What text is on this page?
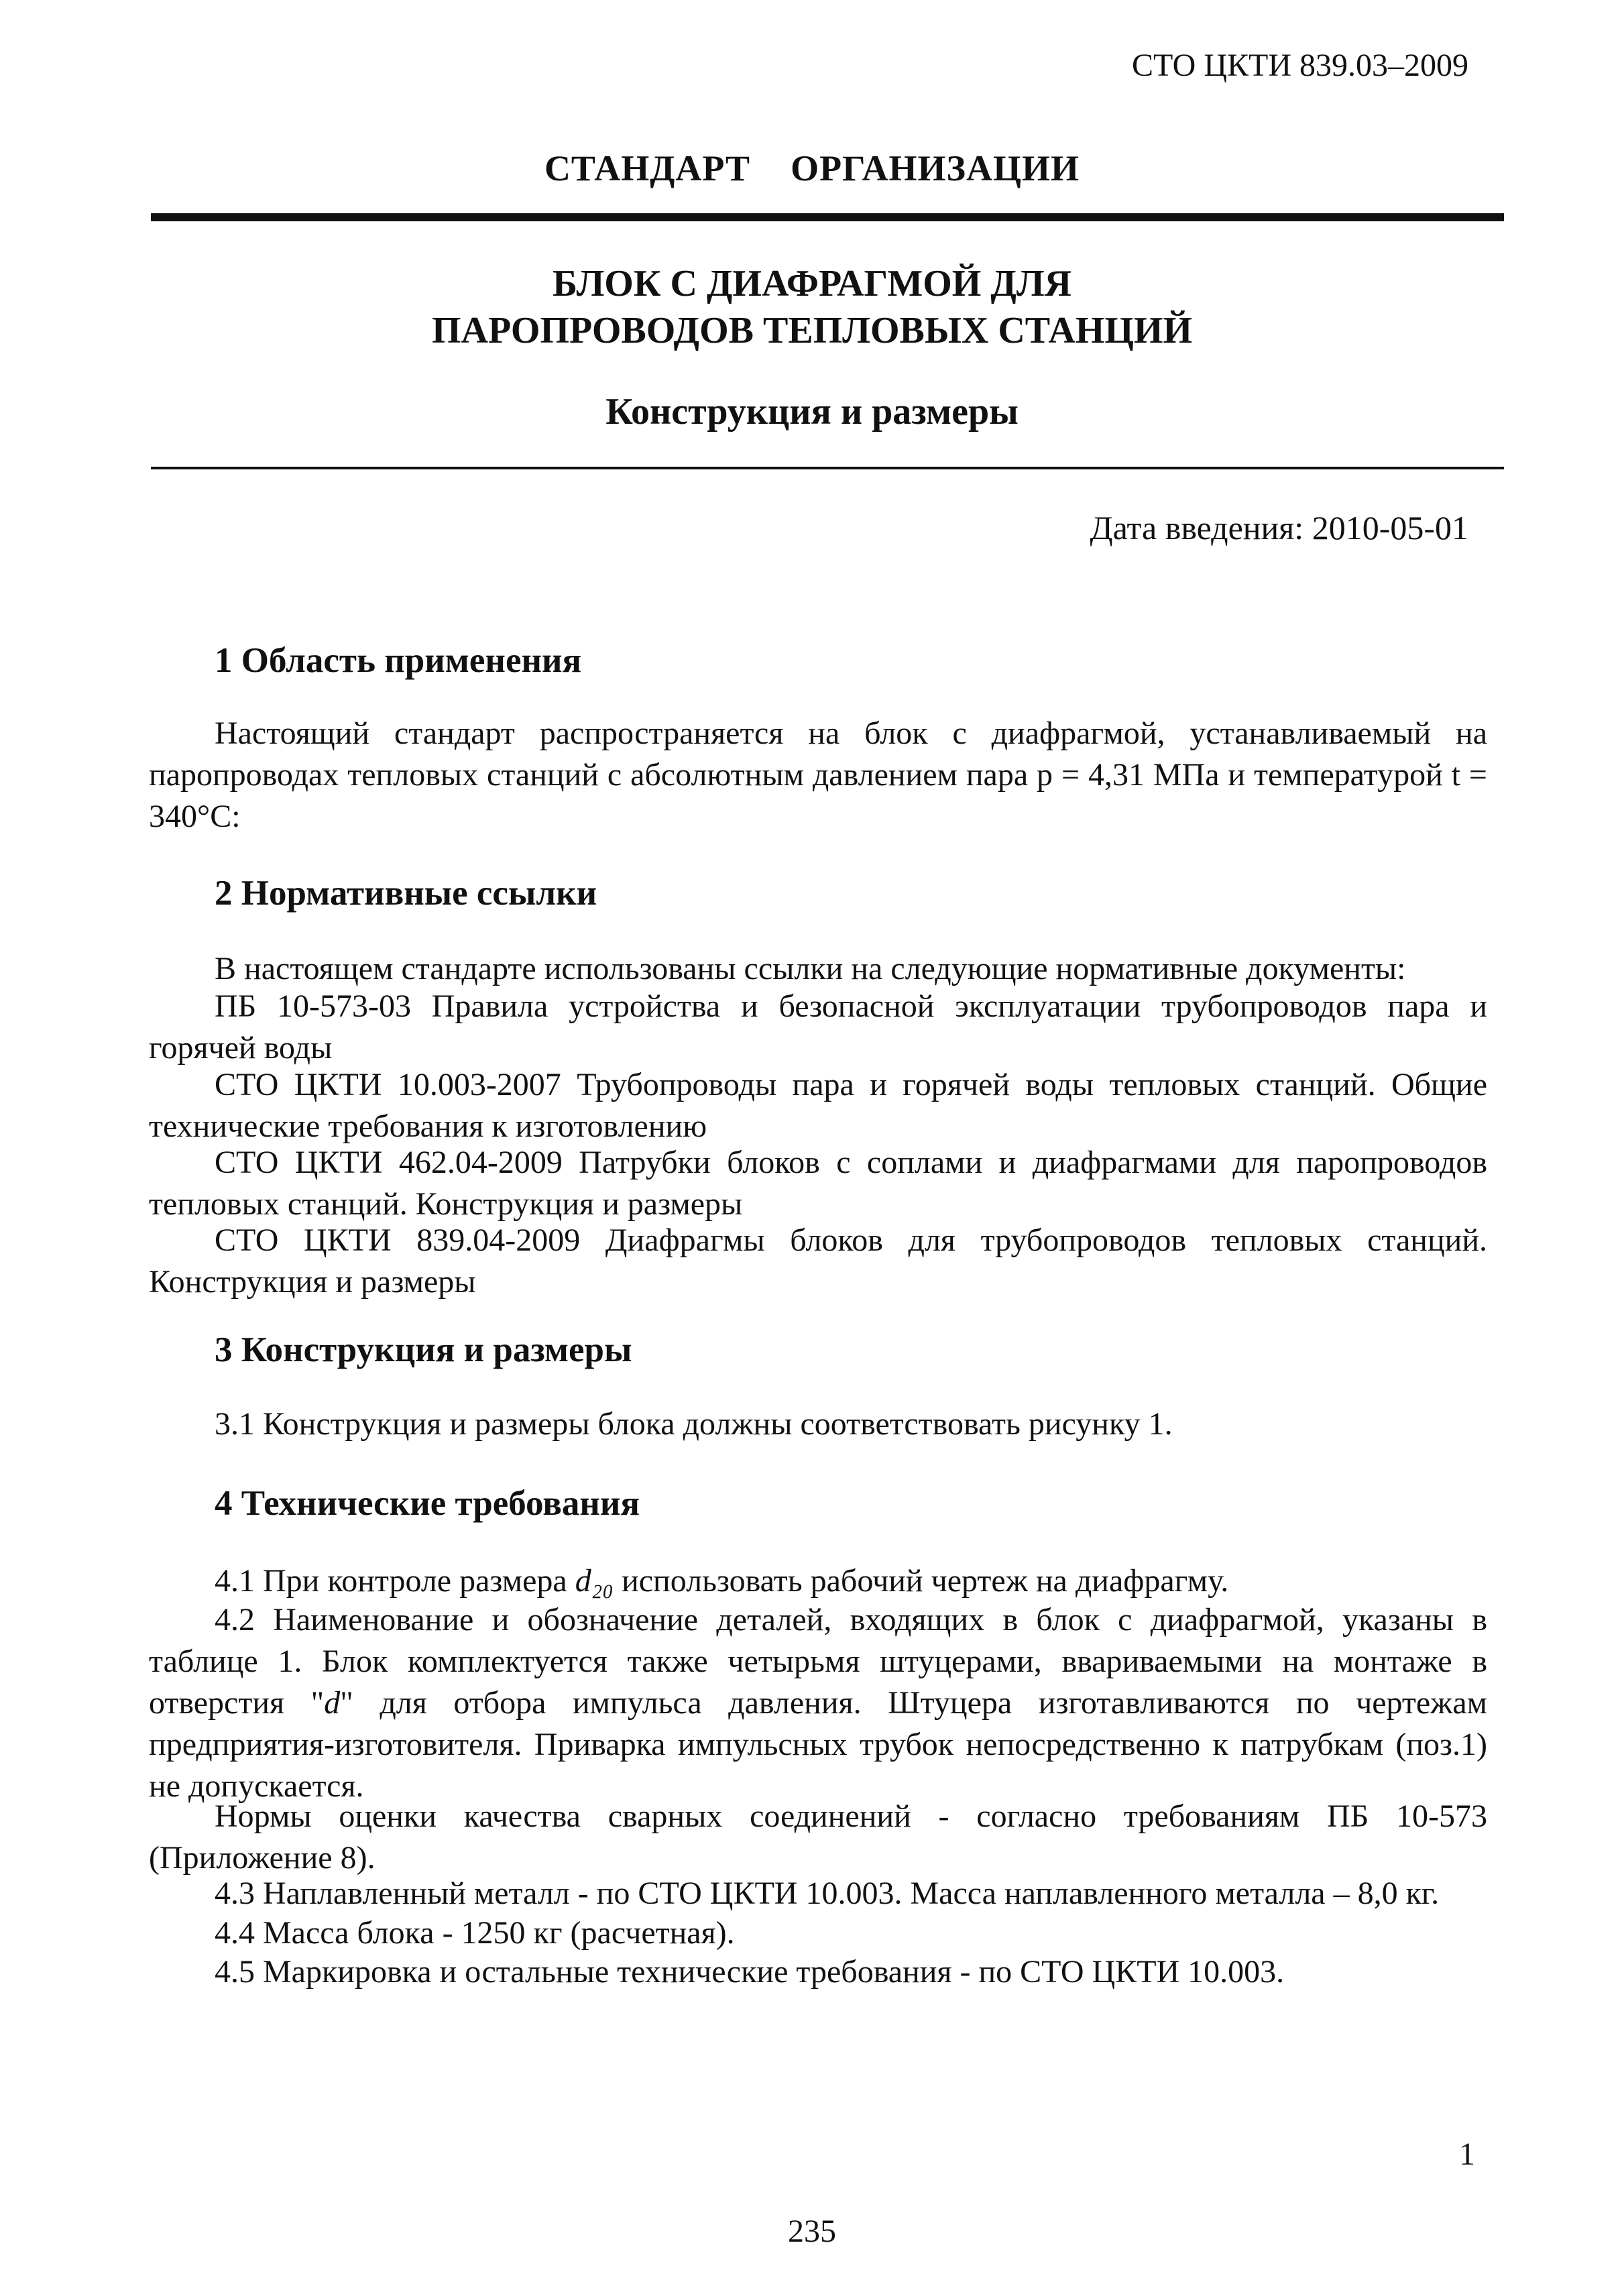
СТО ЦКТИ 839.03–2009
СТАНДАРТ ОРГАНИЗАЦИИ
БЛОК С ДИАФРАГМОЙ ДЛЯ
ПАРОПРОВОДОВ ТЕПЛОВЫХ СТАНЦИЙ
Конструкция и размеры
Дата введения: 2010-05-01
1 Область применения
Настоящий стандарт распространяется на блок с диафрагмой, устанавливаемый на паропроводах тепловых станций с абсолютным давлением пара p = 4,31 МПа и температурой t = 340°С:
2 Нормативные ссылки
В настоящем стандарте использованы ссылки на следующие нормативные документы:
ПБ 10-573-03 Правила устройства и безопасной эксплуатации трубопроводов пара и горячей воды
СТО ЦКТИ 10.003-2007 Трубопроводы пара и горячей воды тепловых станций. Общие технические требования к изготовлению
СТО ЦКТИ 462.04-2009 Патрубки блоков с соплами и диафрагмами для паропроводов тепловых станций. Конструкция и размеры
СТО ЦКТИ 839.04-2009 Диафрагмы блоков для трубопроводов тепловых станций. Конструкция и размеры
3 Конструкция и размеры
3.1 Конструкция и размеры блока должны соответствовать рисунку 1.
4 Технические требования
4.1 При контроле размера d₂₀ использовать рабочий чертеж на диафрагму.
4.2 Наименование и обозначение деталей, входящих в блок с диафрагмой, указаны в таблице 1. Блок комплектуется также четырьмя штуцерами, ввариваемыми на монтаже в отверстия "d" для отбора импульса давления. Штуцера изготавливаются по чертежам предприятия-изготовителя. Приварка импульсных трубок непосредственно к патрубкам (поз.1) не допускается.
Нормы оценки качества сварных соединений - согласно требованиям ПБ 10-573 (Приложение 8).
4.3 Наплавленный металл - по СТО ЦКТИ 10.003. Масса наплавленного металла – 8,0 кг.
4.4 Масса блока - 1250 кг (расчетная).
4.5 Маркировка и остальные технические требования - по СТО ЦКТИ 10.003.
1
235
